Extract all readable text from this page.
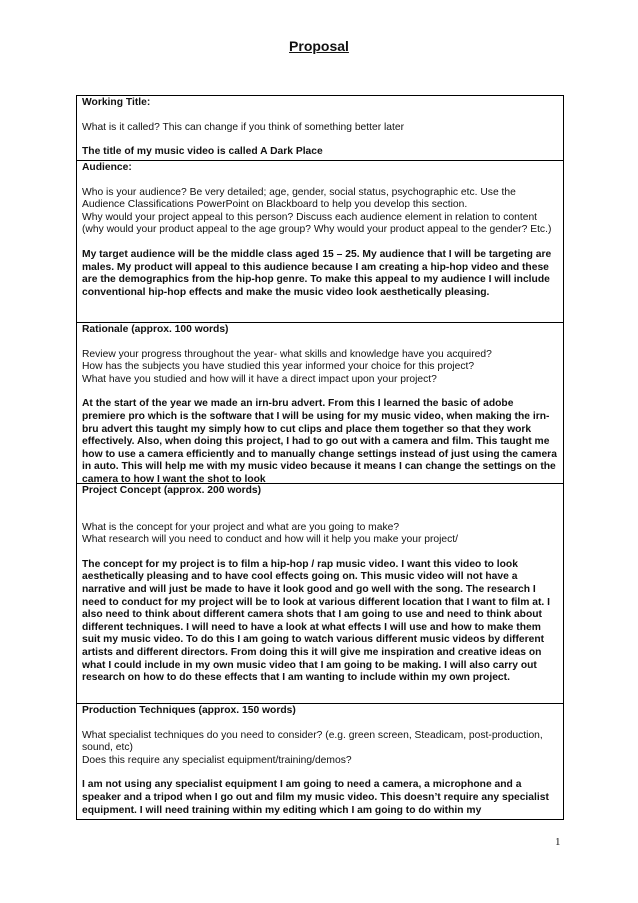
Proposal
Working Title:
What is it called? This can change if you think of something better later
The title of my music video is called A Dark Place
Audience:
Who is your audience? Be very detailed; age, gender, social status, psychographic etc. Use the Audience Classifications PowerPoint on Blackboard to help you develop this section.
Why would your project appeal to this person? Discuss each audience element in relation to content (why would your product appeal to the age group? Why would your product appeal to the gender? Etc.)
My target audience will be the middle class aged 15 – 25. My audience that I will be targeting are males. My product will appeal to this audience because I am creating a hip-hop video and these are the demographics from the hip-hop genre. To make this appeal to my audience I will include conventional hip-hop effects and make the music video look aesthetically pleasing.
Rationale (approx. 100 words)
Review your progress throughout the year- what skills and knowledge have you acquired?
How has the subjects you have studied this year informed your choice for this project?
What have you studied and how will it have a direct impact upon your project?
At the start of the year we made an irn-bru advert. From this I learned the basic of adobe premiere pro which is the software that I will be using for my music video, when making the irn-bru advert this taught my simply how to cut clips and place them together so that they work effectively. Also, when doing this project, I had to go out with a camera and film. This taught me how to use a camera efficiently and to manually change settings instead of just using the camera in auto. This will help me with my music video because it means I can change the settings on the camera to how I want the shot to look
Project Concept (approx. 200 words)
What is the concept for your project and what are you going to make?
What research will you need to conduct and how will it help you make your project/
The concept for my project is to film a hip-hop / rap music video. I want this video to look aesthetically pleasing and to have cool effects going on. This music video will not have a narrative and will just be made to have it look good and go well with the song. The research I need to conduct for my project will be to look at various different location that I want to film at. I also need to think about different camera shots that I am going to use and need to think about different techniques. I will need to have a look at what effects I will use and how to make them suit my music video. To do this I am going to watch various different music videos by different artists and different directors. From doing this it will give me inspiration and creative ideas on what I could include in my own music video that I am going to be making. I will also carry out research on how to do these effects that I am wanting to include within my own project.
Production Techniques (approx. 150 words)
What specialist techniques do you need to consider? (e.g. green screen, Steadicam, post-production, sound, etc)
Does this require any specialist equipment/training/demos?
I am not using any specialist equipment I am going to need a camera, a microphone and a speaker and a tripod when I go out and film my music video. This doesn’t require any specialist equipment. I will need training within my editing which I am going to do within my
1
